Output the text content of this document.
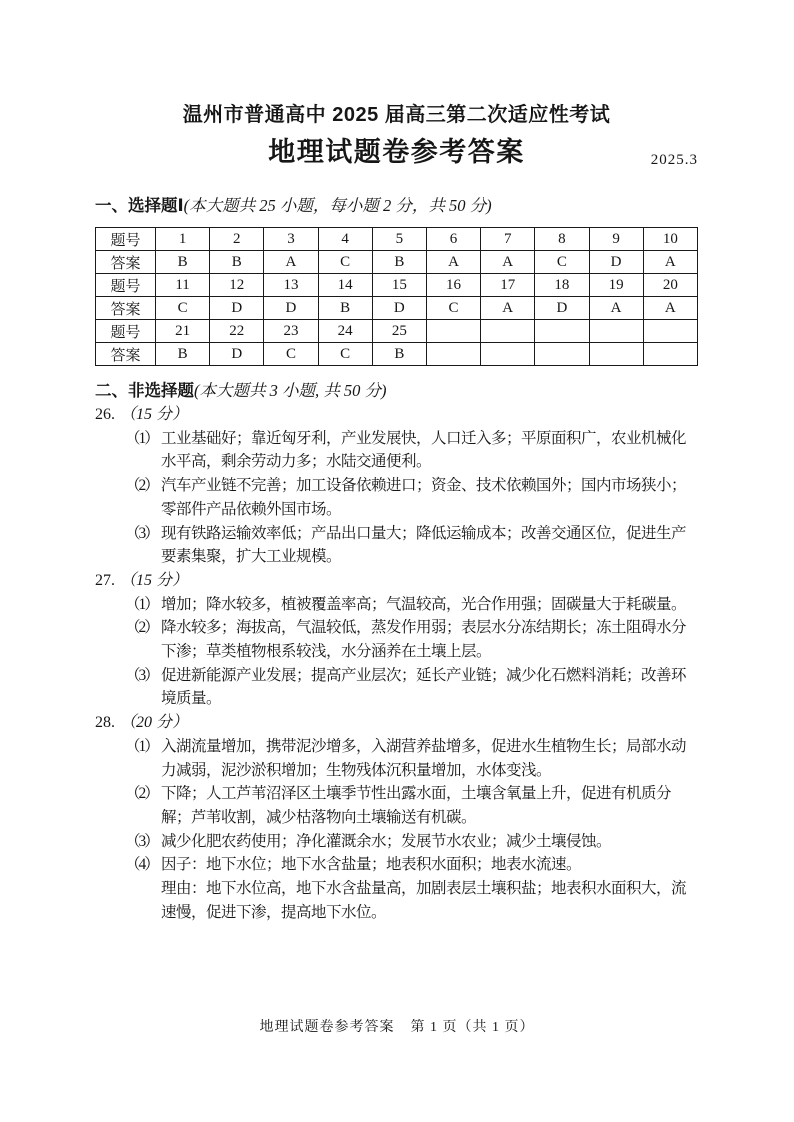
温州市普通高中 2025 届高三第二次适应性考试
地理试题卷参考答案	2025.3
一、选择题Ⅰ(本大题共 25 小题，每小题 2 分，共 50 分)
题号	1	2	3	4	5	6	7	8	9	10
答案	B	B	A	C	B	A	A	C	D	A
题号	11	12	13	14	15	16	17	18	19	20
答案	C	D	D	B	D	C	A	D	A	A
题号	21	22	23	24	25					
答案	B	D	C	C	B					
二、非选择题(本大题共 3 小题, 共 50 分)
26. （15 分）
（1） 工业基础好；靠近匈牙利，产业发展快，人口迁入多；平原面积广，农业机械化水平高，剩余劳动力多；水陆交通便利。
（2） 汽车产业链不完善；加工设备依赖进口；资金、技术依赖国外；国内市场狭小；零部件产品依赖外国市场。
（3） 现有铁路运输效率低；产品出口量大；降低运输成本；改善交通区位，促进生产要素集聚，扩大工业规模。
27. （15 分）
（1） 增加；降水较多，植被覆盖率高；气温较高，光合作用强；固碳量大于耗碳量。
（2） 降水较多；海拔高，气温较低，蒸发作用弱；表层水分冻结期长；冻土阻碍水分下渗；草类植物根系较浅，水分涵养在土壤上层。
（3） 促进新能源产业发展；提高产业层次；延长产业链；减少化石燃料消耗；改善环境质量。
28. （20 分）
（1） 入湖流量增加，携带泥沙增多，入湖营养盐增多，促进水生植物生长；局部水动力减弱，泥沙淤积增加；生物残体沉积量增加，水体变浅。
（2） 下降；人工芦苇沼泽区土壤季节性出露水面，土壤含氧量上升，促进有机质分解；芦苇收割，减少枯落物向土壤输送有机碳。
（3） 减少化肥农药使用；净化灌溉余水；发展节水农业；减少土壤侵蚀。
（4） 因子：地下水位；地下水含盐量；地表积水面积；地表水流速。

理由：地下水位高，地下水含盐量高，加剧表层土壤积盐；地表积水面积大，流速慢，促进下渗，提高地下水位。

地理试题卷参考答案 第 1 页（共 1 页）
